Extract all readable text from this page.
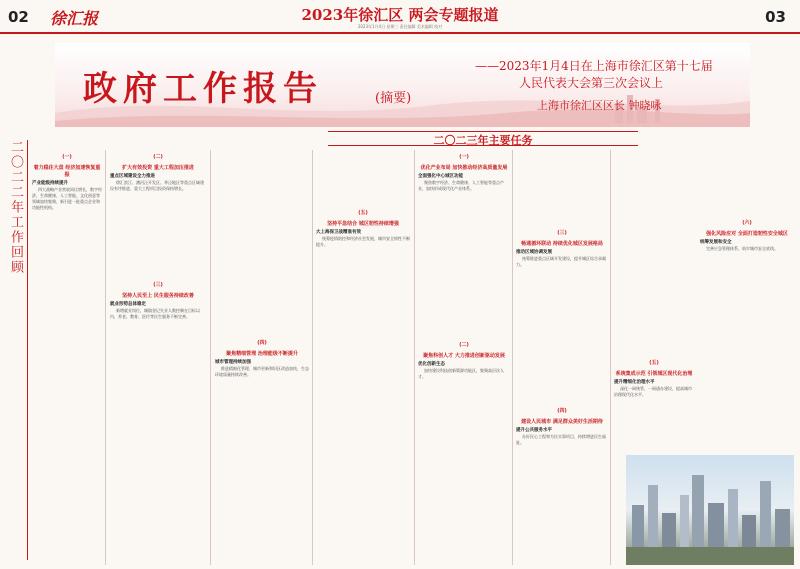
02 徐汇报	2023年徐汇区 两会专题报道
2023年1月4日 星期三 责任编辑 美术编辑 校对
03
政府工作报告	(摘要)
——2023年1月4日在上海市徐汇区第十七届
人民代表大会第三次会议上
上海市徐汇区区长 钟晓咏
二〇二二年工作回顾	二〇二三年主要任务
(一)
着力稳住大盘 经济加速恢复重振
产业能级持续提升

四大战略产业营收同比增长，数字经济、生命健康、人工智能、文化创意等领域加快集聚，新引进一批重点企业和功能性机构。

(二)
扩大有效投资 重大工程加压推进
重点区域建设全力推进

徐汇滨江、漕河泾开发区、华泾地区等重点区域建设有序推进，重大工程项目投资保持增长。

(三)
坚持人民至上 民生服务持续改善
就业形势总体稳定

新增就业岗位，城镇登记失业人数控制在目标以内，养老、教育、医疗等民生服务不断完善。

(四)
聚焦精细管理 治理能级不断提升
城市管理持续加强

推进精细化管理，城市更新和旧区改造加快，生态环境质量持续改善。

(五)
坚持平急结合 城区韧性持续增强
大上海保卫战精准有效

统筹疫情防控和经济社会发展，城市安全韧性不断提升。

(一)
优化产业布局 加快推动经济高质量发展
全面强化中心城区功能

聚焦数字经济、生命健康、人工智能等重点产业，加快形成现代化产业体系。

(二)
聚焦科创人才 大力推进创新驱动发展
优化创新生态

加快建设科技创新策源功能区，集聚高层次人才。

(三)
畅通循环联动 持续优化城区发展格局
推动区域协调发展

统筹推进重点区域开发建设，提升城区综合承载力。

(四)
建设人民城市 满足群众美好生活期待
提升公共服务水平

办好民心工程和为民实事项目，持续增进民生福祉。

(五)
系统集成示范 引领城区现代化治理
提升精细化治理水平

深化一网统管、一网通办建设，提高城市治理现代化水平。

(六)
强化风险应对 全面打造韧性安全城区
统筹发展和安全

完善应急管理体系，筑牢城市安全底线。
